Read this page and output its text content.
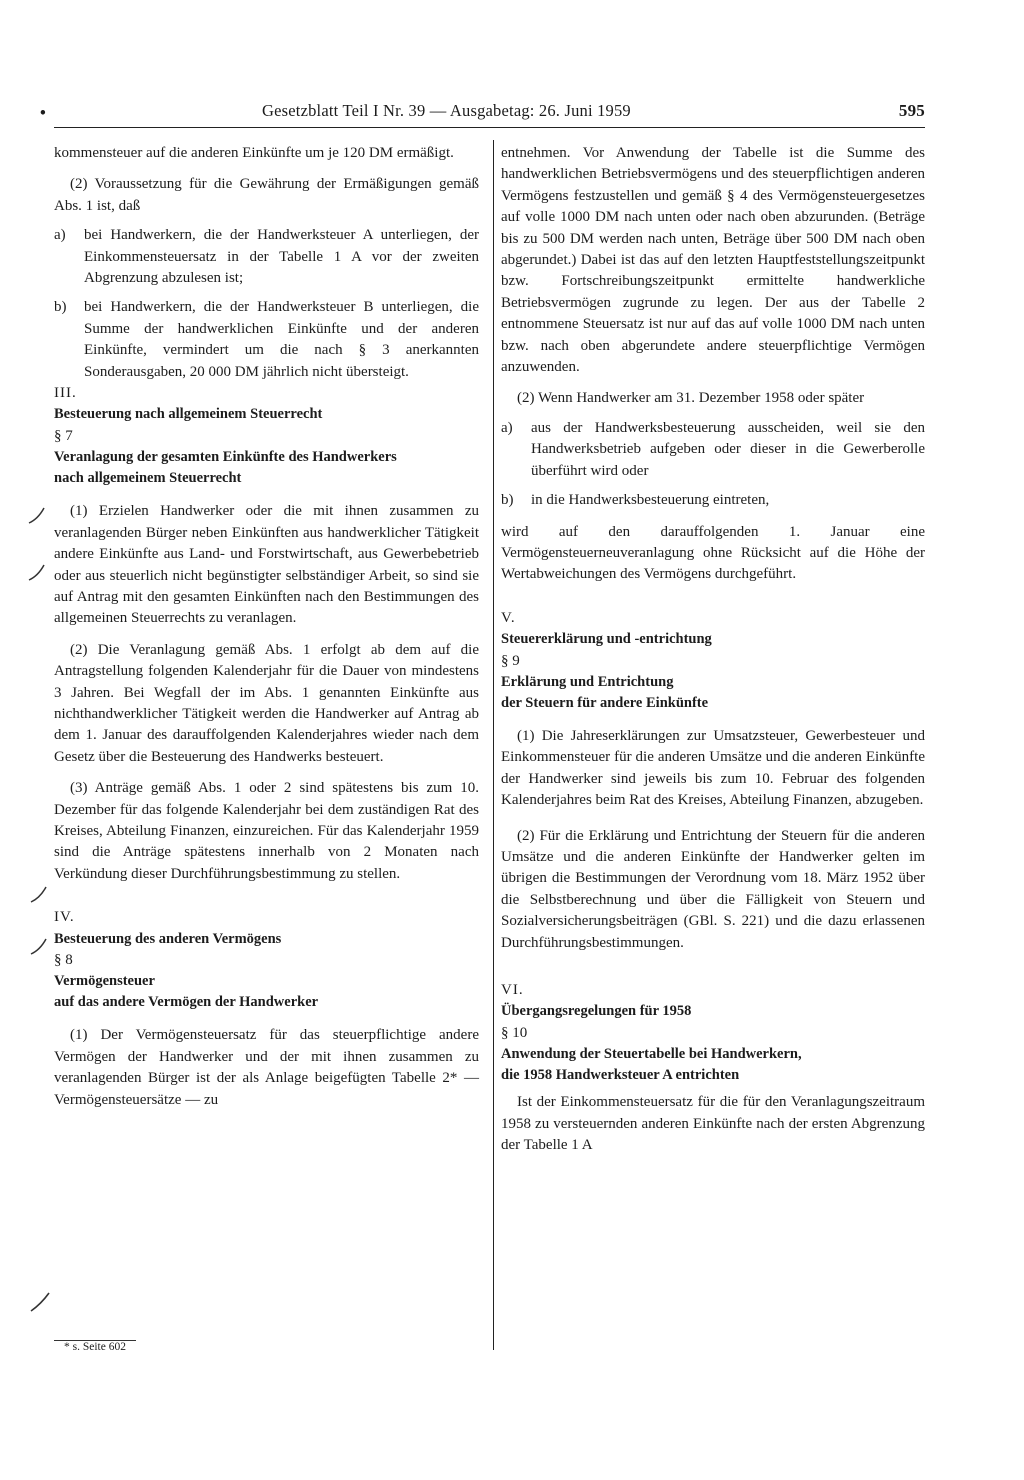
•	Gesetzblatt Teil I Nr. 39 — Ausgabetag: 26. Juni 1959	595

kommensteuer auf die anderen Einkünfte um je 120 DM ermäßigt.

(2) Voraussetzung für die Gewährung der Ermäßigungen gemäß Abs. 1 ist, daß

a) bei Handwerkern, die der Handwerksteuer A unterliegen, der Einkommensteuersatz in der Tabelle 1 A vor der zweiten Abgrenzung abzulesen ist;
b) bei Handwerkern, die der Handwerksteuer B unterliegen, die Summe der handwerklichen Einkünfte und der anderen Einkünfte, vermindert um die nach § 3 anerkannten Sonderausgaben, 20 000 DM jährlich nicht übersteigt.

III.

Besteuerung nach allgemeinem Steuerrecht

§ 7

Veranlagung der gesamten Einkünfte des Handwerkers
nach allgemeinem Steuerrecht

(1) Erzielen Handwerker oder die mit ihnen zusammen zu veranlagenden Bürger neben Einkünften aus handwerklicher Tätigkeit andere Einkünfte aus Land- und Forstwirtschaft, aus Gewerbebetrieb oder aus steuerlich nicht begünstigter selbständiger Arbeit, so sind sie auf Antrag mit den gesamten Einkünften nach den Bestimmungen des allgemeinen Steuerrechts zu veranlagen.

(2) Die Veranlagung gemäß Abs. 1 erfolgt ab dem auf die Antragstellung folgenden Kalenderjahr für die Dauer von mindestens 3 Jahren. Bei Wegfall der im Abs. 1 genannten Einkünfte aus nichthandwerklicher Tätigkeit werden die Handwerker auf Antrag ab dem 1. Januar des darauffolgenden Kalenderjahres wieder nach dem Gesetz über die Besteuerung des Handwerks besteuert.

(3) Anträge gemäß Abs. 1 oder 2 sind spätestens bis zum 10. Dezember für das folgende Kalenderjahr bei dem zuständigen Rat des Kreises, Abteilung Finanzen, einzureichen. Für das Kalenderjahr 1959 sind die Anträge spätestens innerhalb von 2 Monaten nach Verkündung dieser Durchführungsbestimmung zu stellen.

IV.

Besteuerung des anderen Vermögens

§ 8

Vermögensteuer
auf das andere Vermögen der Handwerker

(1) Der Vermögensteuersatz für das steuerpflichtige andere Vermögen der Handwerker und der mit ihnen zusammen zu veranlagenden Bürger ist der als Anlage beigefügten Tabelle 2* — Vermögensteuersätze — zu

* s. Seite 602

entnehmen. Vor Anwendung der Tabelle ist die Summe des handwerklichen Betriebsvermögens und des steuerpflichtigen anderen Vermögens festzustellen und gemäß § 4 des Vermögensteuergesetzes auf volle 1000 DM nach unten oder nach oben abzurunden. (Beträge bis zu 500 DM werden nach unten, Beträge über 500 DM nach oben abgerundet.) Dabei ist das auf den letzten Hauptfeststellungszeitpunkt bzw. Fortschreibungszeitpunkt ermittelte handwerkliche Betriebsvermögen zugrunde zu legen. Der aus der Tabelle 2 entnommene Steuersatz ist nur auf das auf volle 1000 DM nach unten bzw. nach oben abgerundete andere steuerpflichtige Vermögen anzuwenden.

(2) Wenn Handwerker am 31. Dezember 1958 oder später

a) aus der Handwerksbesteuerung ausscheiden, weil sie den Handwerksbetrieb aufgeben oder dieser in die Gewerberolle überführt wird oder
b) in die Handwerksbesteuerung eintreten,

wird auf den darauffolgenden 1. Januar eine Vermögensteuerneuveranlagung ohne Rücksicht auf die Höhe der Wertabweichungen des Vermögens durchgeführt.

V.

Steuererklärung und -entrichtung

§ 9

Erklärung und Entrichtung
der Steuern für andere Einkünfte

(1) Die Jahreserklärungen zur Umsatzsteuer, Gewerbesteuer und Einkommensteuer für die anderen Umsätze und die anderen Einkünfte der Handwerker sind jeweils bis zum 10. Februar des folgenden Kalenderjahres beim Rat des Kreises, Abteilung Finanzen, abzugeben.

(2) Für die Erklärung und Entrichtung der Steuern für die anderen Umsätze und die anderen Einkünfte der Handwerker gelten im übrigen die Bestimmungen der Verordnung vom 18. März 1952 über die Selbstberechnung und über die Fälligkeit von Steuern und Sozialversicherungsbeiträgen (GBl. S. 221) und die dazu erlassenen Durchführungsbestimmungen.

VI.

Übergangsregelungen für 1958

§ 10

Anwendung der Steuertabelle bei Handwerkern,
die 1958 Handwerksteuer A entrichten

Ist der Einkommensteuersatz für die für den Veranlagungszeitraum 1958 zu versteuernden anderen Einkünfte nach der ersten Abgrenzung der Tabelle 1 A
